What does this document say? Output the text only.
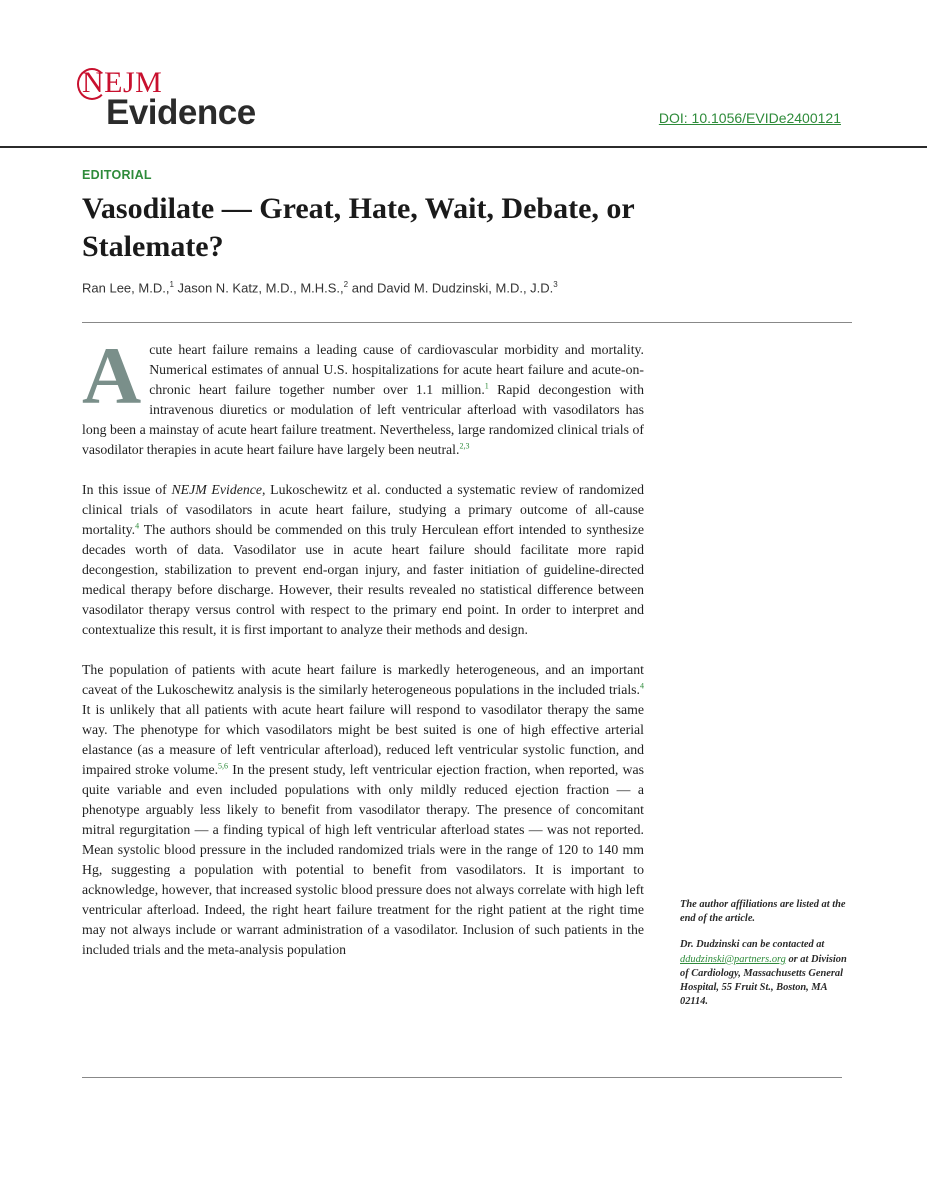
NEJM
Evidence	DOI: 10.1056/EVIDe2400121
EDITORIAL
Vasodilate — Great, Hate, Wait, Debate, or Stalemate?
Ran Lee, M.D.,$^1$ Jason N. Katz, M.D., M.H.S.,$^2$ and David M. Dudzinski, M.D., J.D.$^3$

Acute heart failure remains a leading cause of cardiovascular morbidity and mortality. Numerical estimates of annual U.S. hospitalizations for acute heart failure and acute-on-chronic heart failure together number over 1.1 million.$^1$ Rapid decongestion with intravenous diuretics or modulation of left ventricular afterload with vasodilators has long been a mainstay of acute heart failure treatment. Nevertheless, large randomized clinical trials of vasodilator therapies in acute heart failure have largely been neutral.$^{2,3}$

In this issue of NEJM Evidence, Lukoschewitz et al. conducted a systematic review of randomized clinical trials of vasodilators in acute heart failure, studying a primary outcome of all-cause mortality.$^4$ The authors should be commended on this truly Herculean effort intended to synthesize decades worth of data. Vasodilator use in acute heart failure should facilitate more rapid decongestion, stabilization to prevent end-organ injury, and faster initiation of guideline-directed medical therapy before discharge. However, their results revealed no statistical difference between vasodilator therapy versus control with respect to the primary end point. In order to interpret and contextualize this result, it is first important to analyze their methods and design.

The population of patients with acute heart failure is markedly heterogeneous, and an important caveat of the Lukoschewitz analysis is the similarly heterogeneous populations in the included trials.$^4$ It is unlikely that all patients with acute heart failure will respond to vasodilator therapy the same way. The phenotype for which vasodilators might be best suited is one of high effective arterial elastance (as a measure of left ventricular afterload), reduced left ventricular systolic function, and impaired stroke volume.$^{5,6}$ In the present study, left ventricular ejection fraction, when reported, was quite variable and even included populations with only mildly reduced ejection fraction — a phenotype arguably less likely to benefit from vasodilator therapy. The presence of concomitant mitral regurgitation — a finding typical of high left ventricular afterload states — was not reported. Mean systolic blood pressure in the included randomized trials were in the range of 120 to 140 mm Hg, suggesting a population with potential to benefit from vasodilators. It is important to acknowledge, however, that increased systolic blood pressure does not always correlate with high left ventricular afterload. Indeed, the right heart failure treatment for the right patient at the right time may not always include or warrant administration of a vasodilator. Inclusion of such patients in the included trials and the meta-analysis population

The author affiliations are listed at the end of the article.

Dr. Dudzinski can be contacted at ddudzinski@partners.org or at Division of Cardiology, Massachusetts General Hospital, 55 Fruit St., Boston, MA 02114.
